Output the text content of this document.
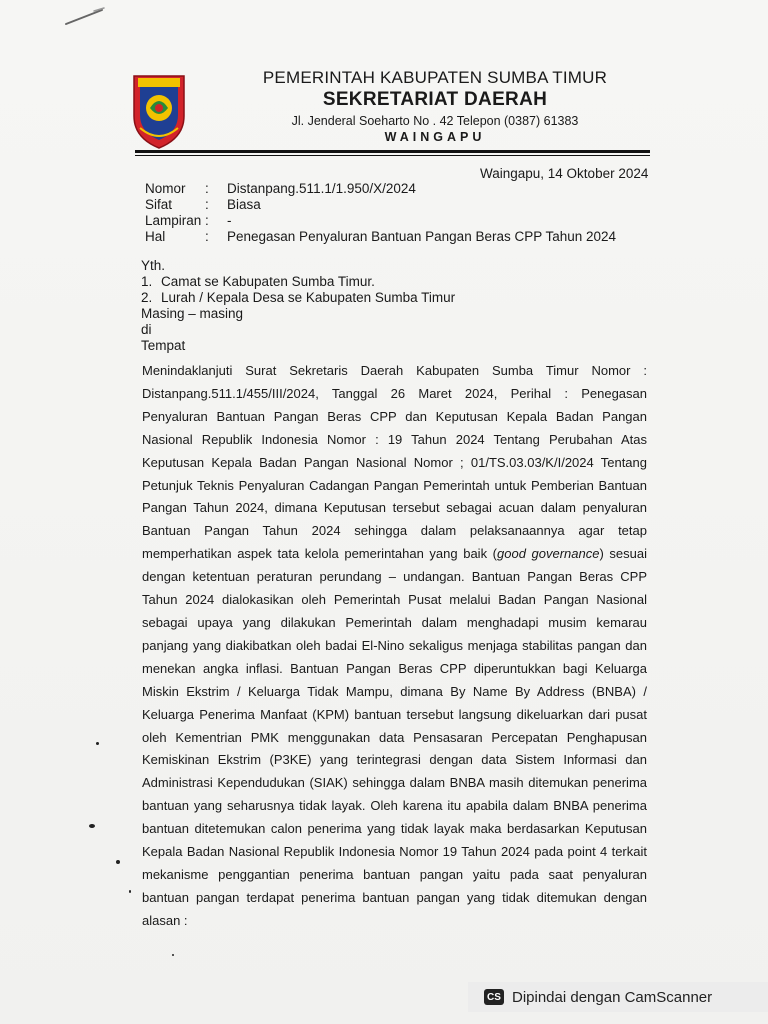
PEMERINTAH KABUPATEN SUMBA TIMUR
SEKRETARIAT DAERAH
Jl. Jenderal Soeharto No . 42 Telepon (0387) 61383
WAINGAPU
Waingapu, 14 Oktober 2024
Nomor	:	Distanpang.511.1/1.950/X/2024
Sifat	:	Biasa
Lampiran :	-
Hal	:	Penegasan Penyaluran Bantuan Pangan Beras CPP Tahun 2024
Yth.
1. Camat se Kabupaten Sumba Timur.
2. Lurah / Kepala Desa se Kabupaten Sumba Timur
Masing – masing
di
Tempat
Menindaklanjuti Surat Sekretaris Daerah Kabupaten Sumba Timur Nomor : Distanpang.511.1/455/III/2024, Tanggal 26 Maret 2024, Perihal : Penegasan Penyaluran Bantuan Pangan Beras CPP dan Keputusan Kepala Badan Pangan Nasional Republik Indonesia Nomor : 19 Tahun 2024 Tentang Perubahan Atas Keputusan Kepala Badan Pangan Nasional Nomor ; 01/TS.03.03/K/I/2024 Tentang Petunjuk Teknis Penyaluran Cadangan Pangan Pemerintah untuk Pemberian Bantuan Pangan Tahun 2024, dimana Keputusan tersebut sebagai acuan dalam penyaluran Bantuan Pangan Tahun 2024 sehingga dalam pelaksanaannya agar tetap memperhatikan aspek tata kelola pemerintahan yang baik (good governance) sesuai dengan ketentuan peraturan perundang – undangan. Bantuan Pangan Beras CPP Tahun 2024 dialokasikan oleh Pemerintah Pusat melalui Badan Pangan Nasional sebagai upaya yang dilakukan Pemerintah dalam menghadapi musim kemarau panjang yang diakibatkan oleh badai El-Nino sekaligus menjaga stabilitas pangan dan menekan angka inflasi. Bantuan Pangan Beras CPP diperuntukkan bagi Keluarga Miskin Ekstrim / Keluarga Tidak Mampu, dimana By Name By Address (BNBA) / Keluarga Penerima Manfaat (KPM) bantuan tersebut langsung dikeluarkan dari pusat oleh Kementrian PMK menggunakan data Pensasaran Percepatan Penghapusan Kemiskinan Ekstrim (P3KE) yang terintegrasi dengan data Sistem Informasi dan Administrasi Kependudukan (SIAK) sehingga dalam BNBA masih ditemukan penerima bantuan yang seharusnya tidak layak. Oleh karena itu apabila dalam BNBA penerima bantuan ditetemukan calon penerima yang tidak layak maka berdasarkan Keputusan Kepala Badan Nasional Republik Indonesia Nomor 19 Tahun 2024 pada point 4 terkait mekanisme penggantian penerima bantuan pangan yaitu pada saat penyaluran bantuan pangan terdapat penerima bantuan pangan yang tidak ditemukan dengan alasan :
CS Dipindai dengan CamScanner
